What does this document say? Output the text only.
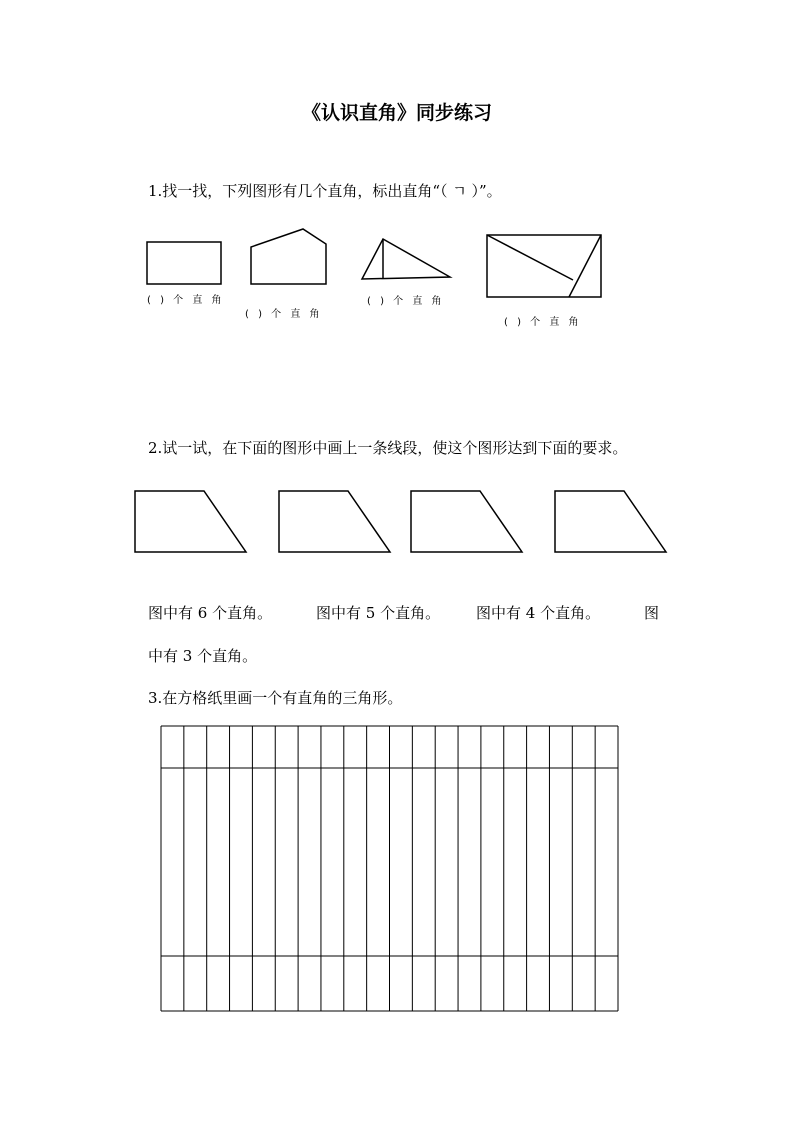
《认识直角》同步练习
1.找一找，下列图形有几个直角，标出直角“（ ㄱ ）”。
( ) 个 直 角
( ) 个 直 角
( ) 个 直 角
( ) 个 直 角
2.试一试，在下面的图形中画上一条线段，使这个图形达到下面的要求。
图中有 6 个直角。	图中有 5 个直角。 图中有 4 个直角。	图
中有 3 个直角。
3.在方格纸里画一个有直角的三角形。
